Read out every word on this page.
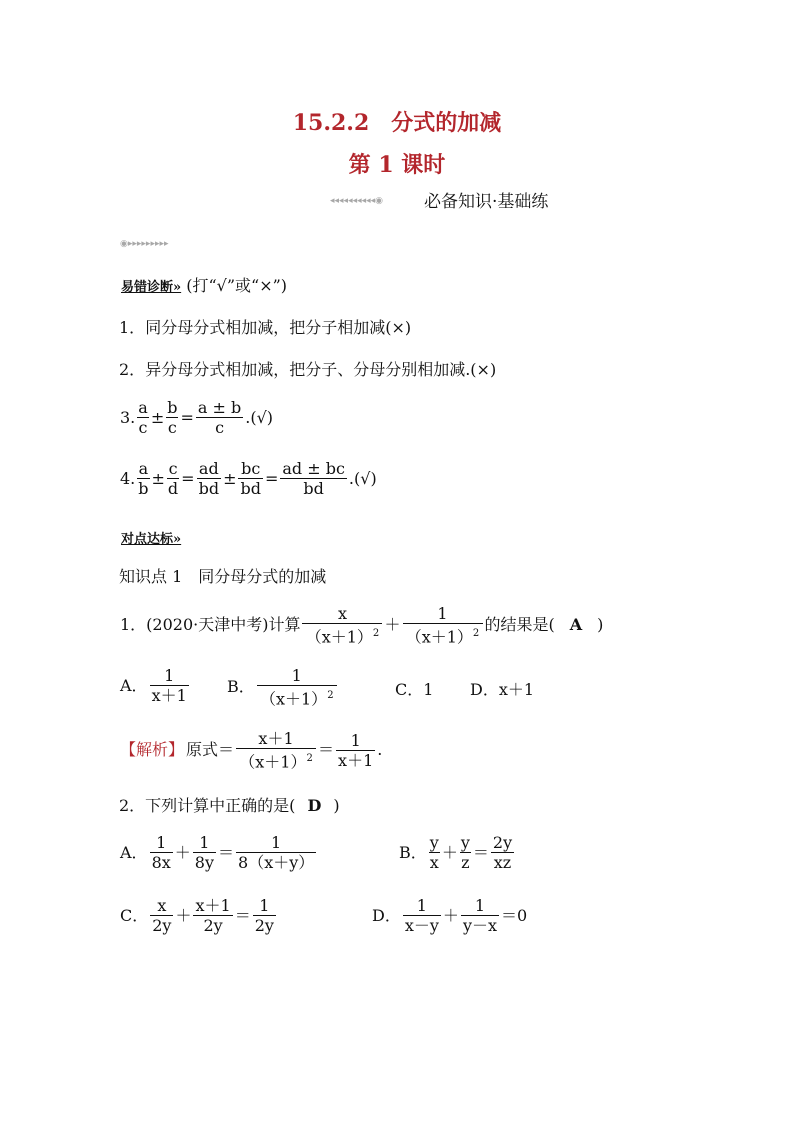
15.2.2　分式的加减
第 1 课时
◂◂◂◂◂◂◂◂◂◂◉ 必备知识·基础练
◉▸▸▸▸▸▸▸▸▸
易错诊断» (打“√”或“×”)
1．同分母分式相加减，把分子相加减(×)
2．异分母分式相加减，把分子、分母分别相加减.(×)
3. $\frac{a}{c} \pm \frac{b}{c} = \frac{a \pm b}{c}$ .(√)
4. $\frac{a}{b} \pm \frac{c}{d} = \frac{ad}{bd} \pm \frac{bc}{bd} = \frac{ad \pm bc}{bd}$ .(√)
对点达标»
知识点 1　同分母分式的加减
1．(2020·天津中考)计算 $\frac{x}{(x+1)^2} + \frac{1}{(x+1)^2}$ 的结果是( A )
A． $\frac{1}{x+1}$ B． $\frac{1}{(x+1)^2}$	C．1 D．x＋1
【解析】 原式＝ $\frac{x+1}{(x+1)^2} = \frac{1}{x+1}$ .
2．下列计算中正确的是( D )
A． $\frac{1}{8x} + \frac{1}{8y} = \frac{1}{8(x+y)}$	B． $\frac{y}{x} + \frac{y}{z} = \frac{2y}{xz}$
C． $\frac{x}{2y} + \frac{x+1}{2y} = \frac{1}{2y}$	D． $\frac{1}{x-y} + \frac{1}{y-x} =0$
